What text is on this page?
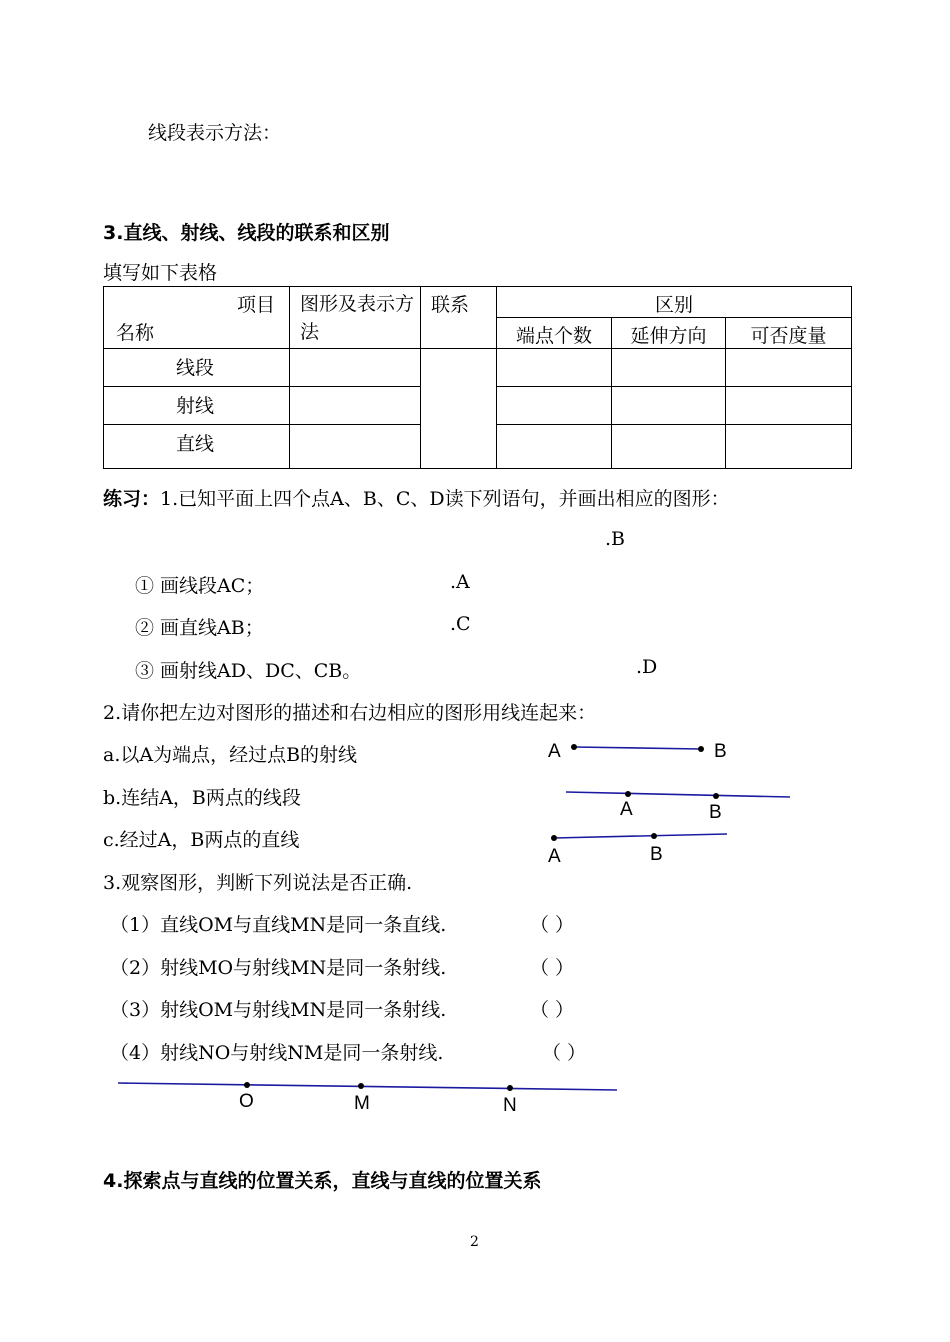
线段表示方法：
3.直线、射线、线段的联系和区别
填写如下表格
项目
名称	图形及表示方法	联系	区别		
			端点个数	延伸方向	可否度量
线段					
射线					
直线					
练习：1.已知平面上四个点A、B、C、D读下列语句，并画出相应的图形：
.B
① 画线段AC；	.A
② 画直线AB；	.C
③ 画射线AD、DC、CB。	.D
2.请你把左边对图形的描述和右边相应的图形用线连起来：
a.以A为端点，经过点B的射线
b.连结A，B两点的线段
c.经过A，B两点的直线
3.观察图形，判断下列说法是否正确.
（1）直线OM与直线MN是同一条直线.	（ ）
（2）射线MO与射线MN是同一条射线.	（ ）
（3）射线OM与射线MN是同一条射线.	（ ）
（4）射线NO与射线NM是同一条射线.	（ ）
A	B
A	B
A	B
O	M	N
4.探索点与直线的位置关系，直线与直线的位置关系
2
